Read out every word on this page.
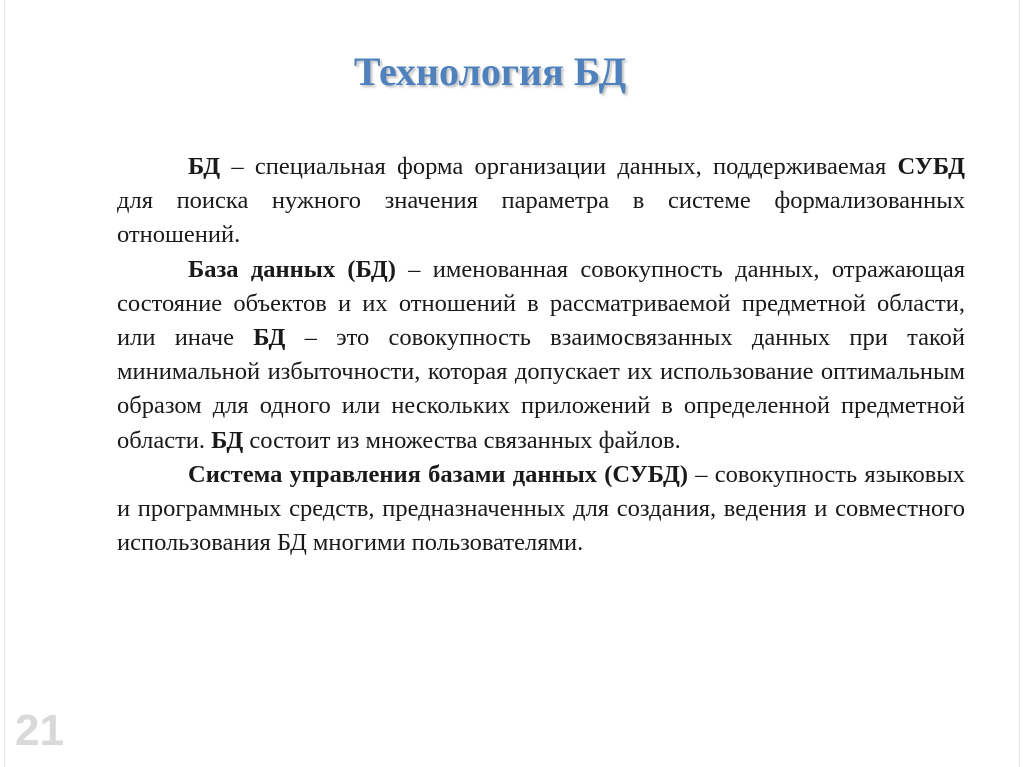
Технология БД

БД – специальная форма организации данных, поддерживаемая СУБД для поиска нужного значения параметра в системе формализованных отношений.

База данных (БД) – именованная совокупность данных, отражающая состояние объектов и их отношений в рассматриваемой предметной области, или иначе БД – это совокупность взаимосвязанных данных при такой минимальной избыточности, которая допускает их использование оптимальным образом для одного или нескольких приложений в определенной предметной области. БД состоит из множества связанных файлов.

Система управления базами данных (СУБД) – совокупность языковых и программных средств, предназначенных для создания, ведения и совместного использования БД многими пользователями.

21
